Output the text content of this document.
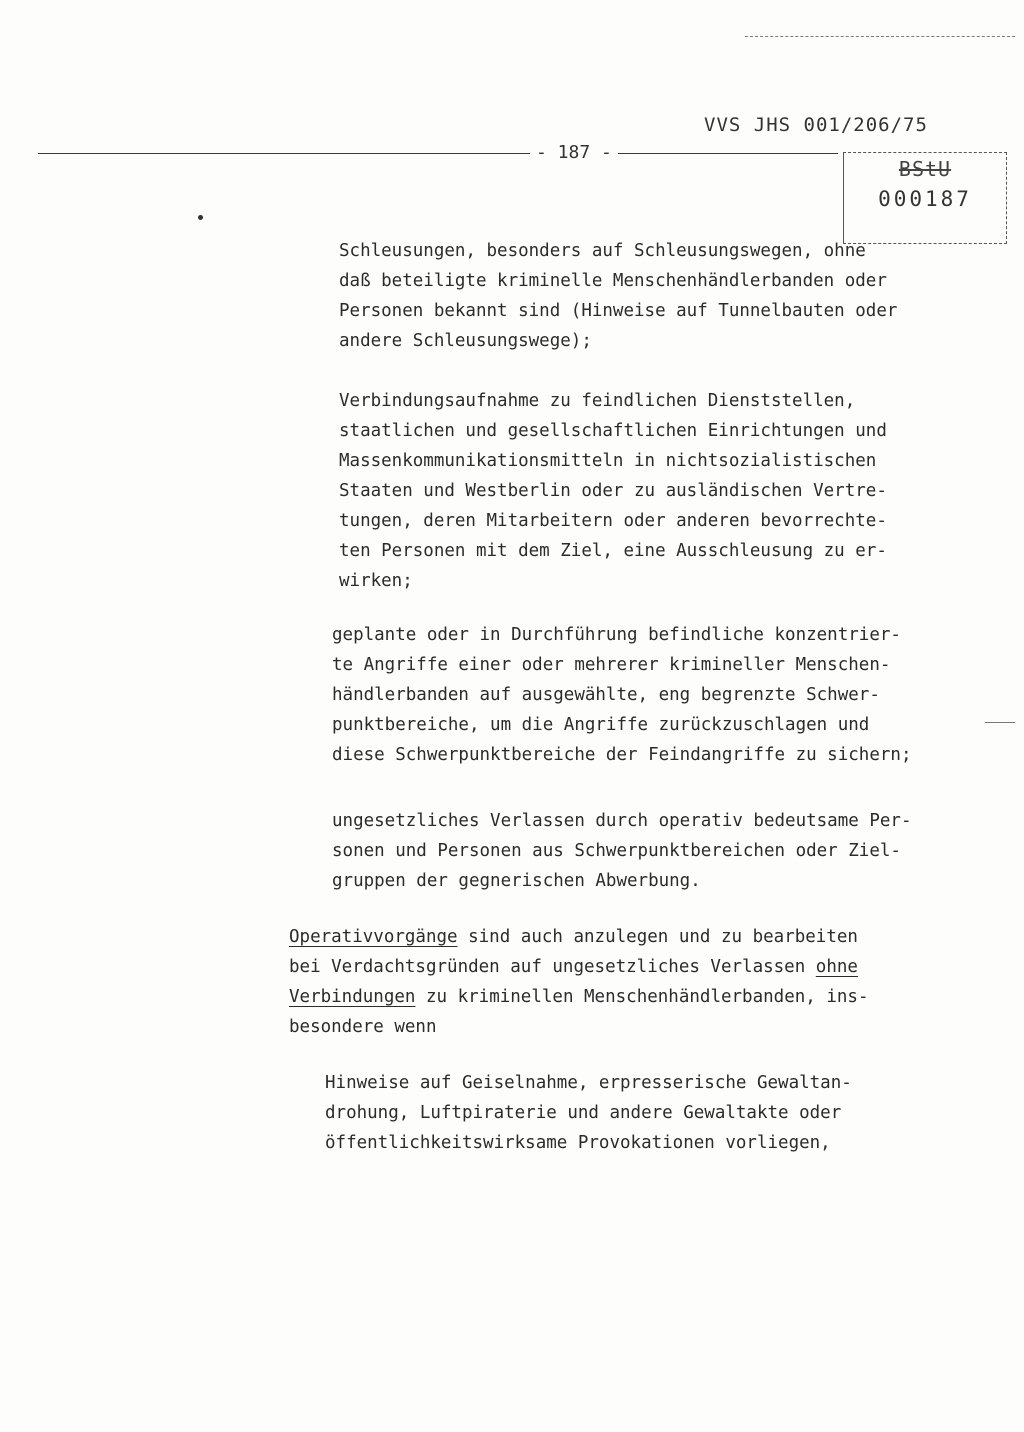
VVS JHS 001/206/75
- 187 -
BStU
000187
Schleusungen, besonders auf Schleusungswegen, ohne
daß beteiligte kriminelle Menschenhändlerbanden oder
Personen bekannt sind (Hinweise auf Tunnelbauten oder
andere Schleusungswege);
Verbindungsaufnahme zu feindlichen Dienststellen,
staatlichen und gesellschaftlichen Einrichtungen und
Massenkommunikationsmitteln in nichtsozialistischen
Staaten und Westberlin oder zu ausländischen Vertre-
tungen, deren Mitarbeitern oder anderen bevorrechte-
ten Personen mit dem Ziel, eine Ausschleusung zu er-
wirken;
geplante oder in Durchführung befindliche konzentrier-
te Angriffe einer oder mehrerer krimineller Menschen-
händlerbanden auf ausgewählte, eng begrenzte Schwer-
punktbereiche, um die Angriffe zurückzuschlagen und
diese Schwerpunktbereiche der Feindangriffe zu sichern;
ungesetzliches Verlassen durch operativ bedeutsame Per-
sonen und Personen aus Schwerpunktbereichen oder Ziel-
gruppen der gegnerischen Abwerbung.
Operativvorgänge sind auch anzulegen und zu bearbeiten
bei Verdachtsgründen auf ungesetzliches Verlassen ohne
Verbindungen zu kriminellen Menschenhändlerbanden, ins-
besondere wenn
Hinweise auf Geiselnahme, erpresserische Gewaltan-
drohung, Luftpiraterie und andere Gewaltakte oder
öffentlichkeitswirksame Provokationen vorliegen,
